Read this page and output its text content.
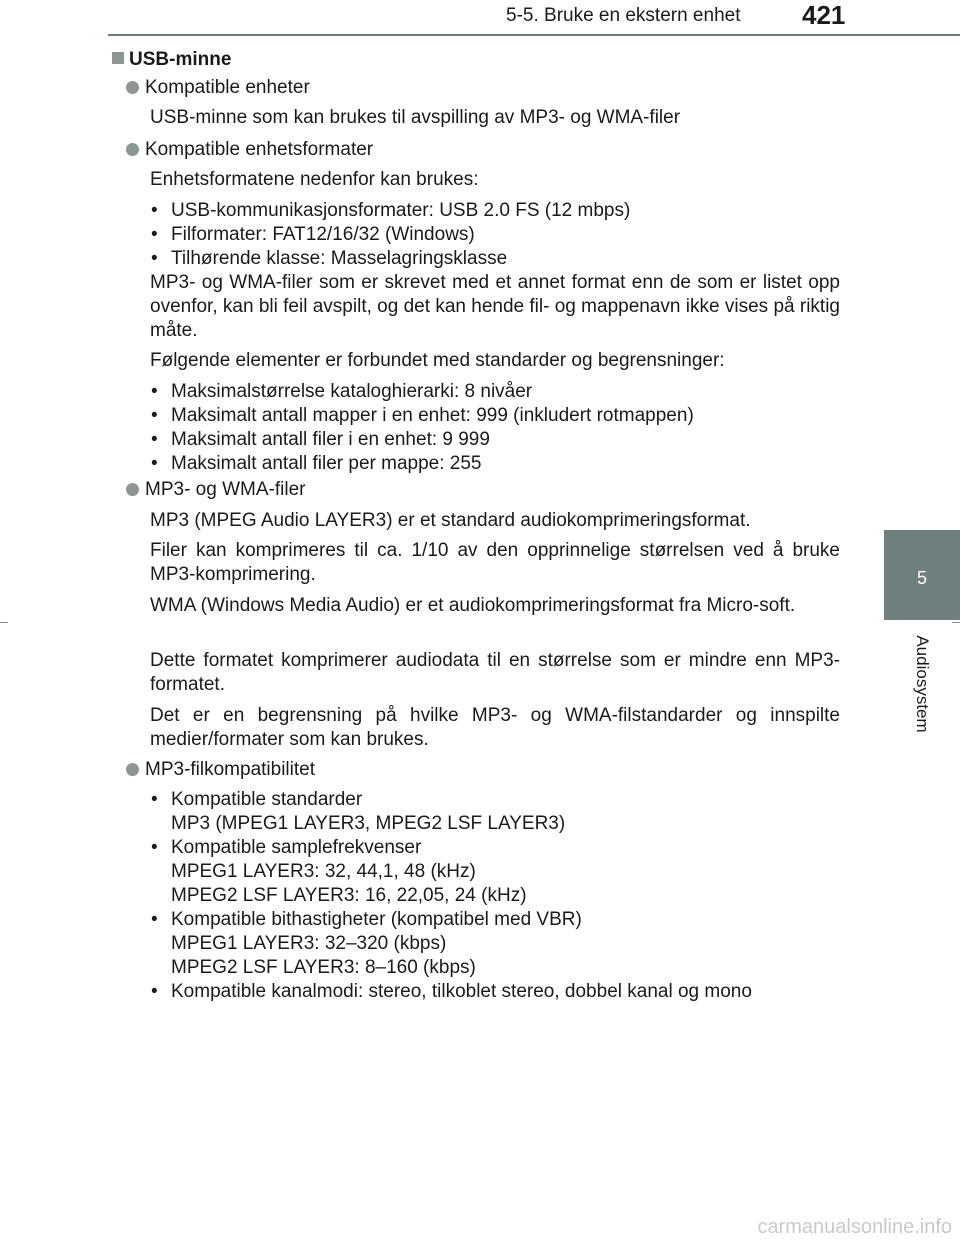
5-5. Bruke en ekstern enhet 421
5
Audiosystem
USB-minne
Kompatible enheter
USB-minne som kan brukes til avspilling av MP3- og WMA-filer
Kompatible enhetsformater
Enhetsformatene nedenfor kan brukes:
• USB-kommunikasjonsformater: USB 2.0 FS (12 mbps)
• Filformater: FAT12/16/32 (Windows)
• Tilhørende klasse: Masselagringsklasse
MP3- og WMA-filer som er skrevet med et annet format enn de som er listet opp ovenfor, kan bli feil avspilt, og det kan hende fil- og mappenavn ikke vises på riktig måte.
Følgende elementer er forbundet med standarder og begrensninger:
• Maksimalstørrelse kataloghierarki: 8 nivåer
• Maksimalt antall mapper i en enhet: 999 (inkludert rotmappen)
• Maksimalt antall filer i en enhet: 9 999
• Maksimalt antall filer per mappe: 255
MP3- og WMA-filer
MP3 (MPEG Audio LAYER3) er et standard audiokomprimeringsformat.
Filer kan komprimeres til ca. 1/10 av den opprinnelige størrelsen ved å bruke MP3-komprimering.
WMA (Windows Media Audio) er et audiokomprimeringsformat fra Micro-soft.
Dette formatet komprimerer audiodata til en størrelse som er mindre enn MP3-formatet.
Det er en begrensning på hvilke MP3- og WMA-filstandarder og innspilte medier/formater som kan brukes.
MP3-filkompatibilitet
• Kompatible standarder
MP3 (MPEG1 LAYER3, MPEG2 LSF LAYER3)
• Kompatible samplefrekvenser
MPEG1 LAYER3: 32, 44,1, 48 (kHz)
MPEG2 LSF LAYER3: 16, 22,05, 24 (kHz)
• Kompatible bithastigheter (kompatibel med VBR)
MPEG1 LAYER3: 32–320 (kbps)
MPEG2 LSF LAYER3: 8–160 (kbps)
• Kompatible kanalmodi: stereo, tilkoblet stereo, dobbel kanal og mono
carmanualsonline.info
